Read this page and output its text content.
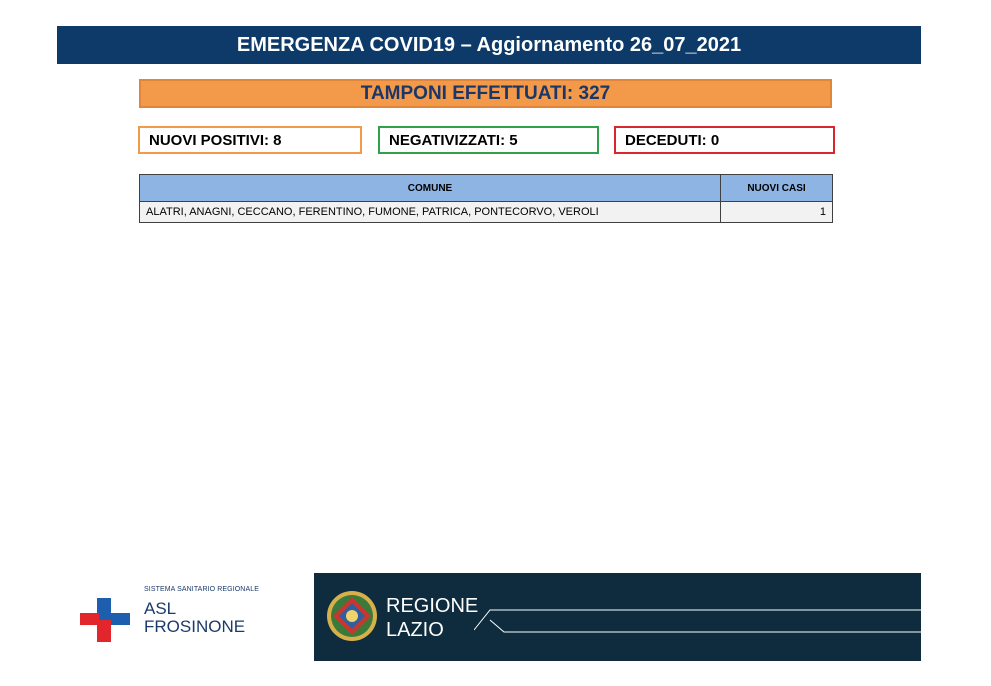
EMERGENZA COVID19 – Aggiornamento 26_07_2021
TAMPONI EFFETTUATI: 327
NUOVI POSITIVI: 8	NEGATIVIZZATI: 5	DECEDUTI: 0
COMUNE	NUOVI CASI
ALATRI, ANAGNI, CECCANO, FERENTINO, FUMONE, PATRICA, PONTECORVO, VEROLI	1
SISTEMA SANITARIO REGIONALE
ASL
FROSINONE
REGIONE
LAZIO
